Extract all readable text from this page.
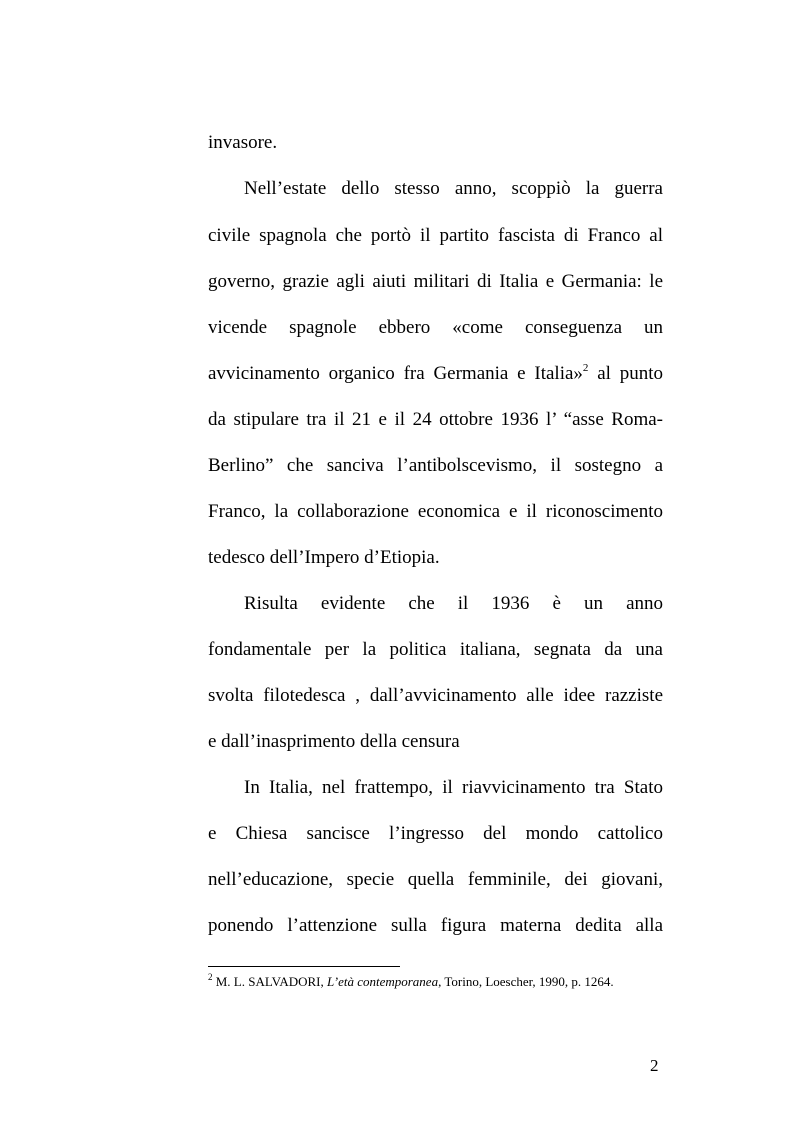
invasore.
Nell’estate dello stesso anno, scoppiò la guerra
civile spagnola che portò il partito fascista di Franco al
governo, grazie agli aiuti militari di Italia e Germania: le
vicende spagnole ebbero «come conseguenza un
avvicinamento organico fra Germania e Italia»$^2$ al punto
da stipulare tra il 21 e il 24 ottobre 1936 l’ “asse Roma-
Berlino” che sanciva l’antibolscevismo, il sostegno a
Franco, la collaborazione economica e il riconoscimento
tedesco dell’Impero d’Etiopia.
Risulta evidente che il 1936 è un anno
fondamentale per la politica italiana, segnata da una
svolta filotedesca , dall’avvicinamento alle idee razziste
e dall’inasprimento della censura
In Italia, nel frattempo, il riavvicinamento tra Stato
e Chiesa sancisce l’ingresso del mondo cattolico
nell’educazione, specie quella femminile, dei giovani,
ponendo l’attenzione sulla figura materna dedita alla
$^2$ M. L. SALVADORI, L’età contemporanea, Torino, Loescher, 1990, p. 1264.
2
